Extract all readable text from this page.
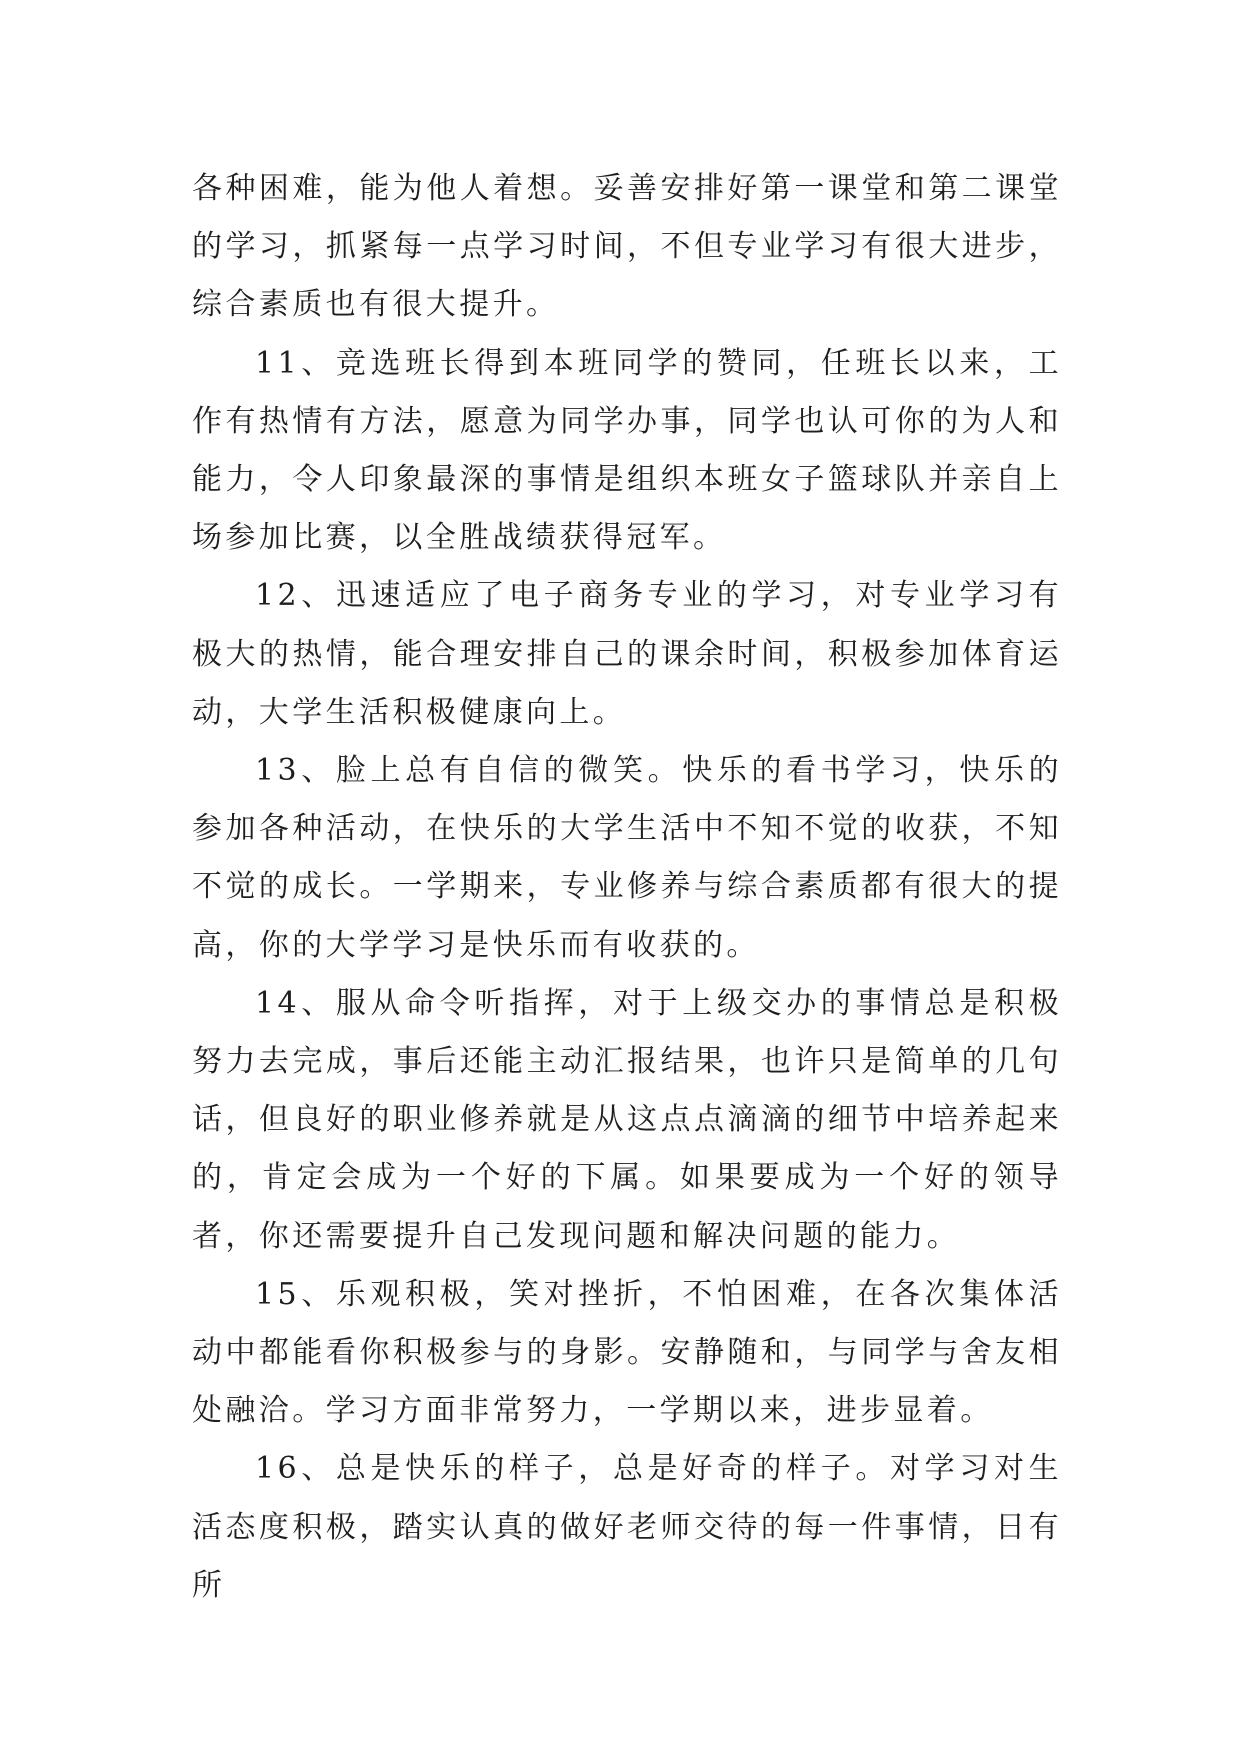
各种困难，能为他人着想。妥善安排好第一课堂和第二课堂的学习，抓紧每一点学习时间，不但专业学习有很大进步，综合素质也有很大提升。

11、竞选班长得到本班同学的赞同，任班长以来，工作有热情有方法，愿意为同学办事，同学也认可你的为人和能力，令人印象最深的事情是组织本班女子篮球队并亲自上场参加比赛，以全胜战绩获得冠军。

12、迅速适应了电子商务专业的学习，对专业学习有极大的热情，能合理安排自己的课余时间，积极参加体育运动，大学生活积极健康向上。

13、脸上总有自信的微笑。快乐的看书学习，快乐的参加各种活动，在快乐的大学生活中不知不觉的收获，不知不觉的成长。一学期来，专业修养与综合素质都有很大的提高，你的大学学习是快乐而有收获的。

14、服从命令听指挥，对于上级交办的事情总是积极努力去完成，事后还能主动汇报结果，也许只是简单的几句话，但良好的职业修养就是从这点点滴滴的细节中培养起来的，肯定会成为一个好的下属。如果要成为一个好的领导者，你还需要提升自己发现问题和解决问题的能力。

15、乐观积极，笑对挫折，不怕困难，在各次集体活动中都能看你积极参与的身影。安静随和，与同学与舍友相处融洽。学习方面非常努力，一学期以来，进步显着。

16、总是快乐的样子，总是好奇的样子。对学习对生活态度积极，踏实认真的做好老师交待的每一件事情，日有所
